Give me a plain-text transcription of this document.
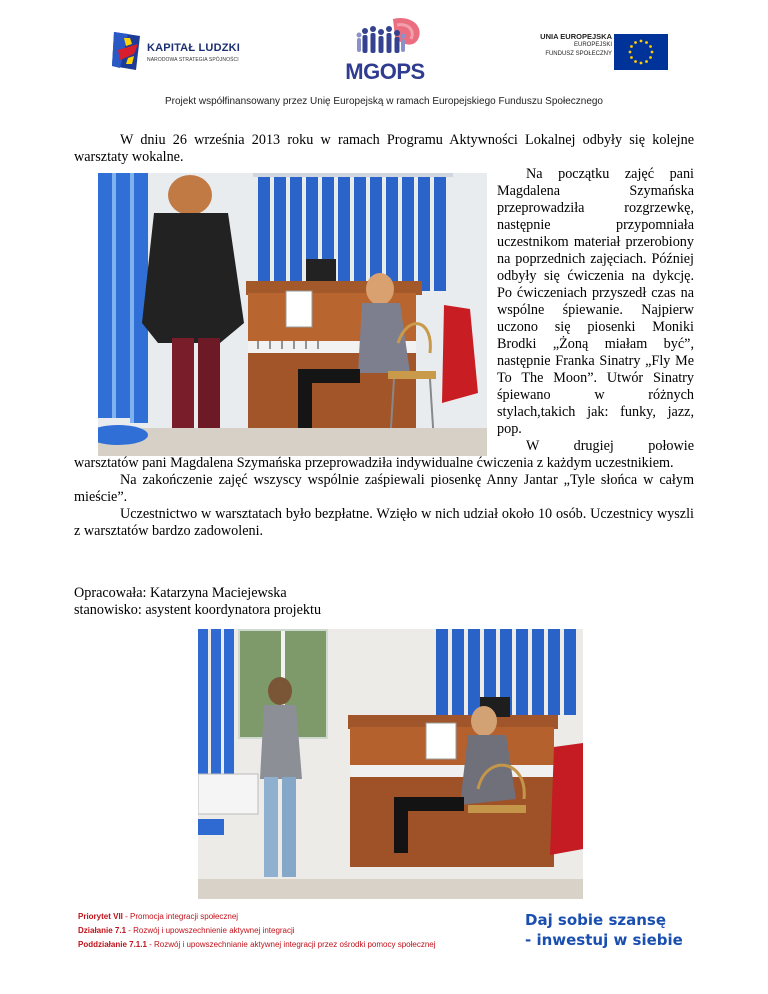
KAPITAŁ LUDZKI
NARODOWA STRATEGIA SPÓJNOŚCI	MGOPS
UNIA EUROPEJSKA
EUROPEJSKI
FUNDUSZ SPOŁECZNY
Projekt współfinansowany przez Unię Europejską w ramach Europejskiego Funduszu Społecznego
W dniu 26 września 2013 roku w ramach Programu Aktywności Lokalnej odbyły się kolejne warsztaty wokalne.
Na początku zajęć pani Magdalena Szymańska przeprowadziła rozgrzewkę, następnie przypomniała uczestnikom materiał przerobiony na poprzednich zajęciach. Później odbyły się ćwiczenia na dykcję. Po ćwiczeniach przyszedł czas na wspólne śpiewanie. Najpierw uczono się piosenki Moniki Brodki „Żoną miałam być”, następnie Franka Sinatry „Fly Me To The Moon”. Utwór Sinatry śpiewano w różnych stylach,takich jak: funky, jazz, pop.
W drugiej połowie

warsztatów pani Magdalena Szymańska przeprowadziła indywidualne ćwiczenia z każdym uczestnikiem.

Na zakończenie zajęć wszyscy wspólnie zaśpiewali piosenkę Anny Jantar „Tyle słońca w całym mieście”.

Uczestnictwo w warsztatach było bezpłatne. Wzięło w nich udział około 10 osób. Uczestnicy wyszli z warsztatów bardzo zadowoleni.

Opracowała: Katarzyna Maciejewska
stanowisko: asystent koordynatora projektu
Priorytet VII - Promocja integracji społecznej
Działanie 7.1 - Rozwój i upowszechnienie aktywnej integracji
Poddziałanie 7.1.1 - Rozwój i upowszechnianie aktywnej integracji przez ośrodki pomocy społecznej
Daj sobie szansę
- inwestuj w siebie
